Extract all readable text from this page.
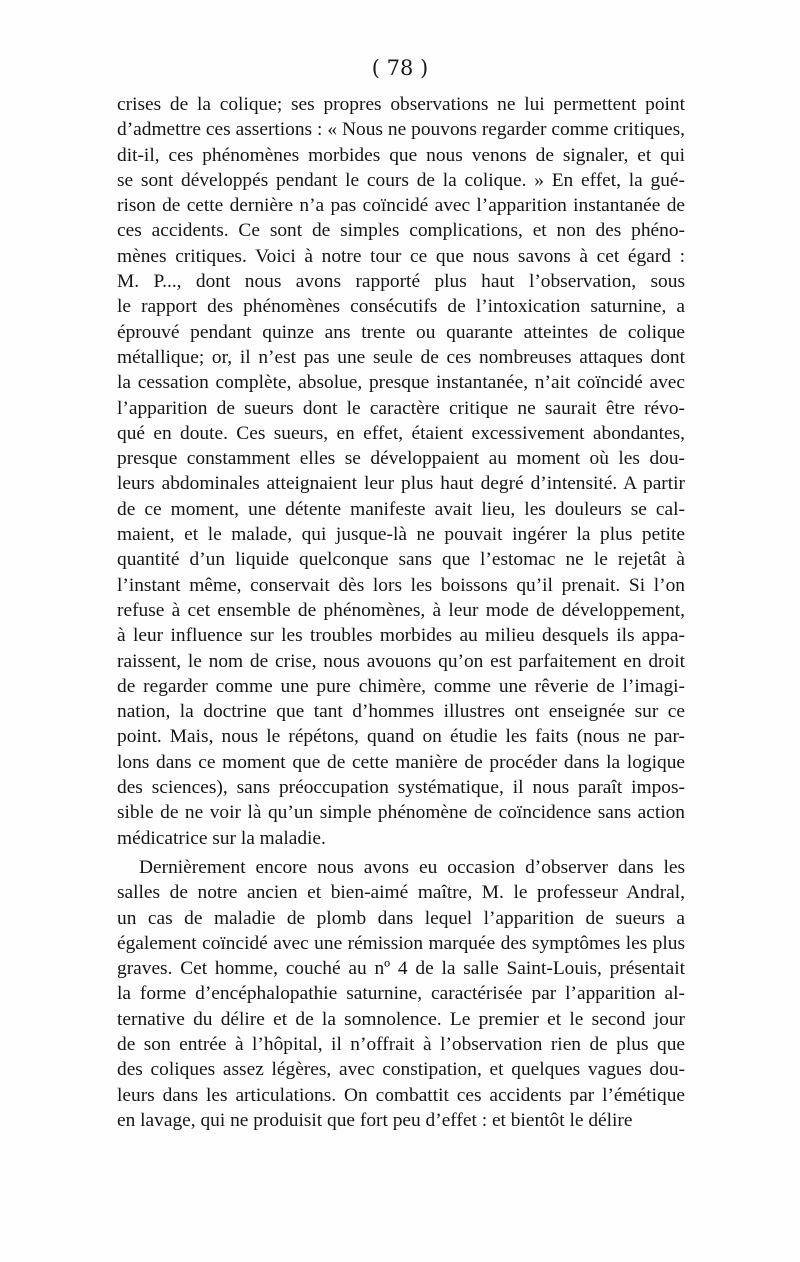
( 78 )
crises de la colique; ses propres observations ne lui permettent point
d’admettre ces assertions : « Nous ne pouvons regarder comme critiques,
dit-il, ces phénomènes morbides que nous venons de signaler, et qui
se sont développés pendant le cours de la colique. » En effet, la gué-
rison de cette dernière n’a pas coïncidé avec l’apparition instantanée de
ces accidents. Ce sont de simples complications, et non des phéno-
mènes critiques. Voici à notre tour ce que nous savons à cet égard :
M. P..., dont nous avons rapporté plus haut l’observation, sous
le rapport des phénomènes consécutifs de l’intoxication saturnine, a
éprouvé pendant quinze ans trente ou quarante atteintes de colique
métallique; or, il n’est pas une seule de ces nombreuses attaques dont
la cessation complète, absolue, presque instantanée, n’ait coïncidé avec
l’apparition de sueurs dont le caractère critique ne saurait être révo-
qué en doute. Ces sueurs, en effet, étaient excessivement abondantes,
presque constamment elles se développaient au moment où les dou-
leurs abdominales atteignaient leur plus haut degré d’intensité. A partir
de ce moment, une détente manifeste avait lieu, les douleurs se cal-
maient, et le malade, qui jusque-là ne pouvait ingérer la plus petite
quantité d’un liquide quelconque sans que l’estomac ne le rejetât à
l’instant même, conservait dès lors les boissons qu’il prenait. Si l’on
refuse à cet ensemble de phénomènes, à leur mode de développement,
à leur influence sur les troubles morbides au milieu desquels ils appa-
raissent, le nom de crise, nous avouons qu’on est parfaitement en droit
de regarder comme une pure chimère, comme une rêverie de l’imagi-
nation, la doctrine que tant d’hommes illustres ont enseignée sur ce
point. Mais, nous le répétons, quand on étudie les faits (nous ne par-
lons dans ce moment que de cette manière de procéder dans la logique
des sciences), sans préoccupation systématique, il nous paraît impos-
sible de ne voir là qu’un simple phénomène de coïncidence sans action
médicatrice sur la maladie.
Dernièrement encore nous avons eu occasion d’observer dans les
salles de notre ancien et bien-aimé maître, M. le professeur Andral,
un cas de maladie de plomb dans lequel l’apparition de sueurs a
également coïncidé avec une rémission marquée des symptômes les plus
graves. Cet homme, couché au nº 4 de la salle Saint-Louis, présentait
la forme d’encéphalopathie saturnine, caractérisée par l’apparition al-
ternative du délire et de la somnolence. Le premier et le second jour
de son entrée à l’hôpital, il n’offrait à l’observation rien de plus que
des coliques assez légères, avec constipation, et quelques vagues dou-
leurs dans les articulations. On combattit ces accidents par l’émétique
en lavage, qui ne produisit que fort peu d’effet : et bientôt le délire
